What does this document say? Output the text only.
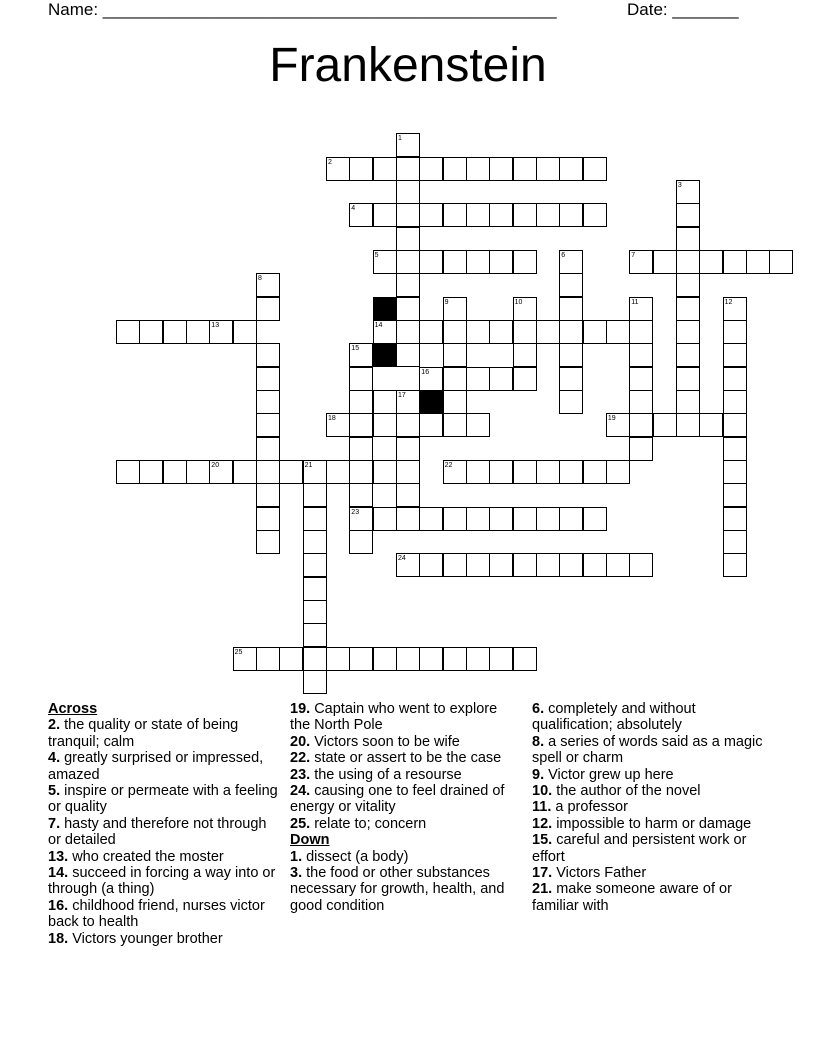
Name: ________________________________________________	Date: _______
Frankenstein
1
2
3
4
5	6	7
8
9	10	11	12
13	14
15
16
17
18	19
20	21	22
23
24
25

Across

2. the quality or state of being tranquil; calm

4. greatly surprised or impressed, amazed

5. inspire or permeate with a feeling or quality

7. hasty and therefore not through or detailed

13. who created the moster

14. succeed in forcing a way into or through (a thing)

16. childhood friend, nurses victor back to health

18. Victors younger brother

19. Captain who went to explore the North Pole

20. Victors soon to be wife

22. state or assert to be the case

23. the using of a resourse

24. causing one to feel drained of energy or vitality

25. relate to; concern

Down

1. dissect (a body)

3. the food or other substances necessary for growth, health, and good condition

6. completely and without qualification; absolutely

8. a series of words said as a magic spell or charm

9. Victor grew up here

10. the author of the novel

11. a professor

12. impossible to harm or damage

15. careful and persistent work or effort

17. Victors Father

21. make someone aware of or familiar with
